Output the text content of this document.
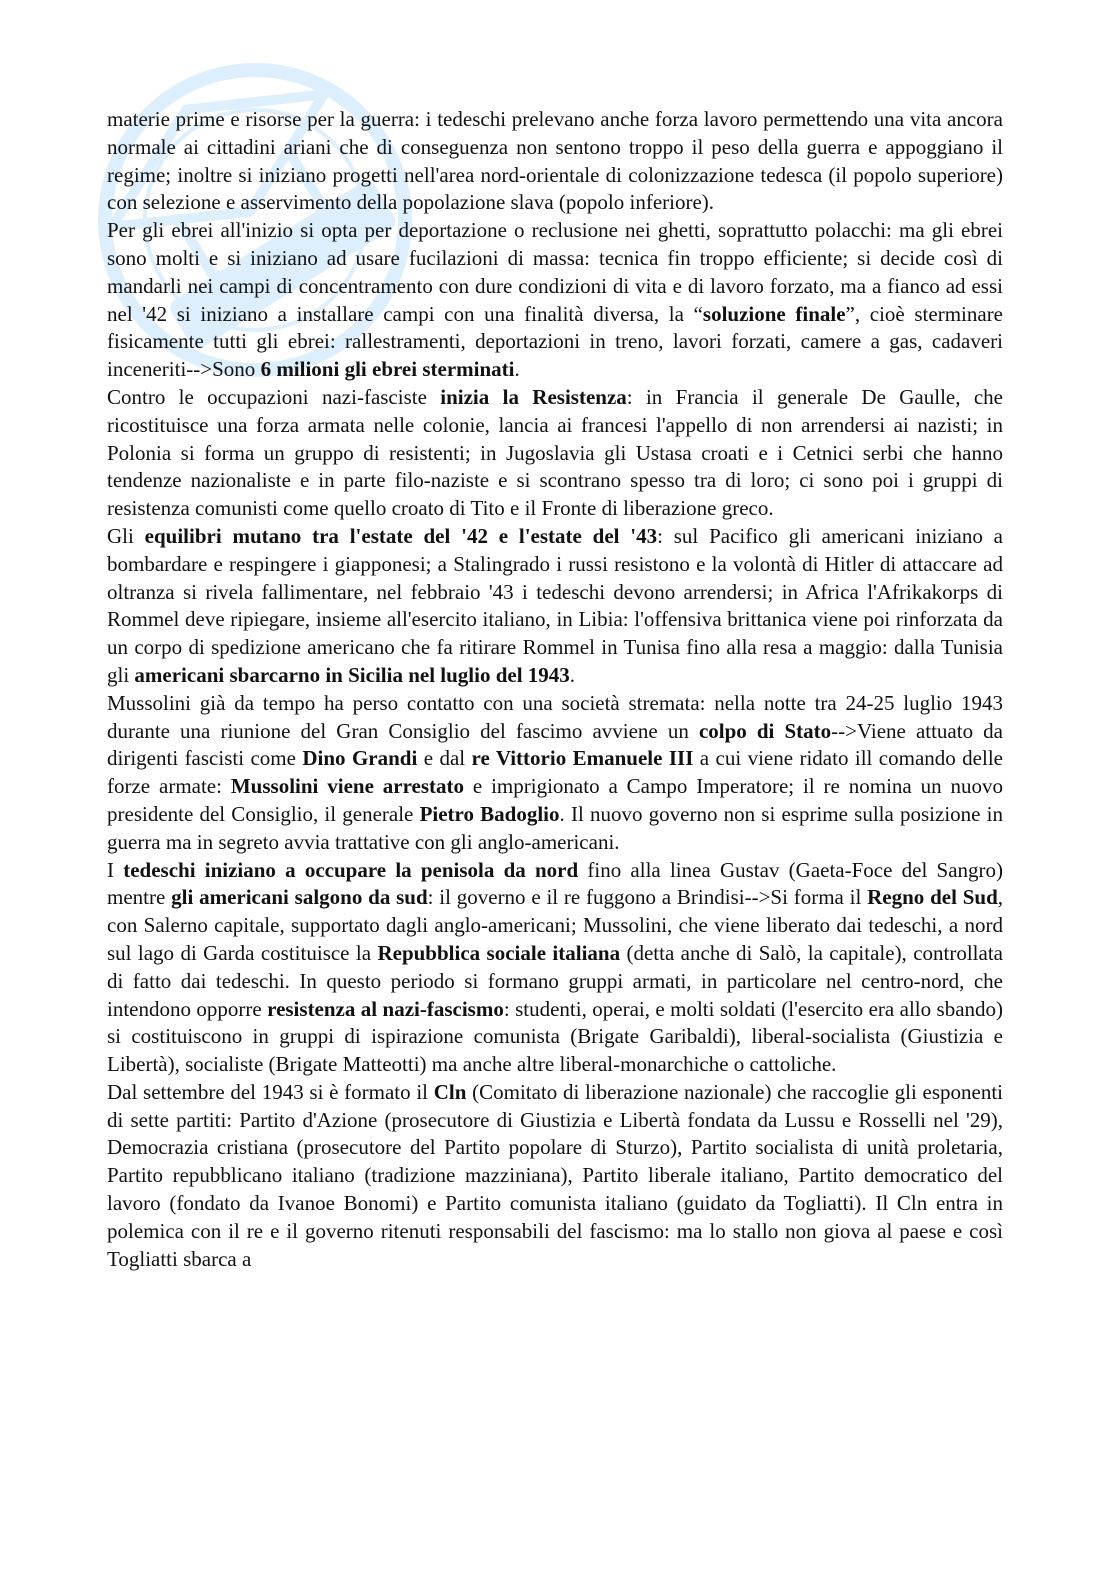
materie prime e risorse per la guerra: i tedeschi prelevano anche forza lavoro permettendo una vita ancora normale ai cittadini ariani che di conseguenza non sentono troppo il peso della guerra e appoggiano il regime; inoltre si iniziano progetti nell'area nord-orientale di colonizzazione tedesca (il popolo superiore) con selezione e asservimento della popolazione slava (popolo inferiore).

Per gli ebrei all'inizio si opta per deportazione o reclusione nei ghetti, soprattutto polacchi: ma gli ebrei sono molti e si iniziano ad usare fucilazioni di massa: tecnica fin troppo efficiente; si decide così di mandarli nei campi di concentramento con dure condizioni di vita e di lavoro forzato, ma a fianco ad essi nel '42 si iniziano a installare campi con una finalità diversa, la “soluzione finale”, cioè sterminare fisicamente tutti gli ebrei: rallestramenti, deportazioni in treno, lavori forzati, camere a gas, cadaveri inceneriti-->Sono 6 milioni gli ebrei sterminati.

Contro le occupazioni nazi-fasciste inizia la Resistenza: in Francia il generale De Gaulle, che ricostituisce una forza armata nelle colonie, lancia ai francesi l'appello di non arrendersi ai nazisti; in Polonia si forma un gruppo di resistenti; in Jugoslavia gli Ustasa croati e i Cetnici serbi che hanno tendenze nazionaliste e in parte filo-naziste e si scontrano spesso tra di loro; ci sono poi i gruppi di resistenza comunisti come quello croato di Tito e il Fronte di liberazione greco.

Gli equilibri mutano tra l'estate del '42 e l'estate del '43: sul Pacifico gli americani iniziano a bombardare e respingere i giapponesi; a Stalingrado i russi resistono e la volontà di Hitler di attaccare ad oltranza si rivela fallimentare, nel febbraio '43 i tedeschi devono arrendersi; in Africa l'Afrikakorps di Rommel deve ripiegare, insieme all'esercito italiano, in Libia: l'offensiva brittanica viene poi rinforzata da un corpo di spedizione americano che fa ritirare Rommel in Tunisa fino alla resa a maggio: dalla Tunisia gli americani sbarcarno in Sicilia nel luglio del 1943.

Mussolini già da tempo ha perso contatto con una società stremata: nella notte tra 24-25 luglio 1943 durante una riunione del Gran Consiglio del fascimo avviene un colpo di Stato-->Viene attuato da dirigenti fascisti come Dino Grandi e dal re Vittorio Emanuele III a cui viene ridato ill comando delle forze armate: Mussolini viene arrestato e imprigionato a Campo Imperatore; il re nomina un nuovo presidente del Consiglio, il generale Pietro Badoglio. Il nuovo governo non si esprime sulla posizione in guerra ma in segreto avvia trattative con gli anglo-americani.

I tedeschi iniziano a occupare la penisola da nord fino alla linea Gustav (Gaeta-Foce del Sangro) mentre gli americani salgono da sud: il governo e il re fuggono a Brindisi-->Si forma il Regno del Sud, con Salerno capitale, supportato dagli anglo-americani; Mussolini, che viene liberato dai tedeschi, a nord sul lago di Garda costituisce la Repubblica sociale italiana (detta anche di Salò, la capitale), controllata di fatto dai tedeschi. In questo periodo si formano gruppi armati, in particolare nel centro-nord, che intendono opporre resistenza al nazi-fascismo: studenti, operai, e molti soldati (l'esercito era allo sbando) si costituiscono in gruppi di ispirazione comunista (Brigate Garibaldi), liberal-socialista (Giustizia e Libertà), socialiste (Brigate Matteotti) ma anche altre liberal-monarchiche o cattoliche.

Dal settembre del 1943 si è formato il Cln (Comitato di liberazione nazionale) che raccoglie gli esponenti di sette partiti: Partito d'Azione (prosecutore di Giustizia e Libertà fondata da Lussu e Rosselli nel '29), Democrazia cristiana (prosecutore del Partito popolare di Sturzo), Partito socialista di unità proletaria, Partito repubblicano italiano (tradizione mazziniana), Partito liberale italiano, Partito democratico del lavoro (fondato da Ivanoe Bonomi) e Partito comunista italiano (guidato da Togliatti). Il Cln entra in polemica con il re e il governo ritenuti responsabili del fascismo: ma lo stallo non giova al paese e così Togliatti sbarca a
